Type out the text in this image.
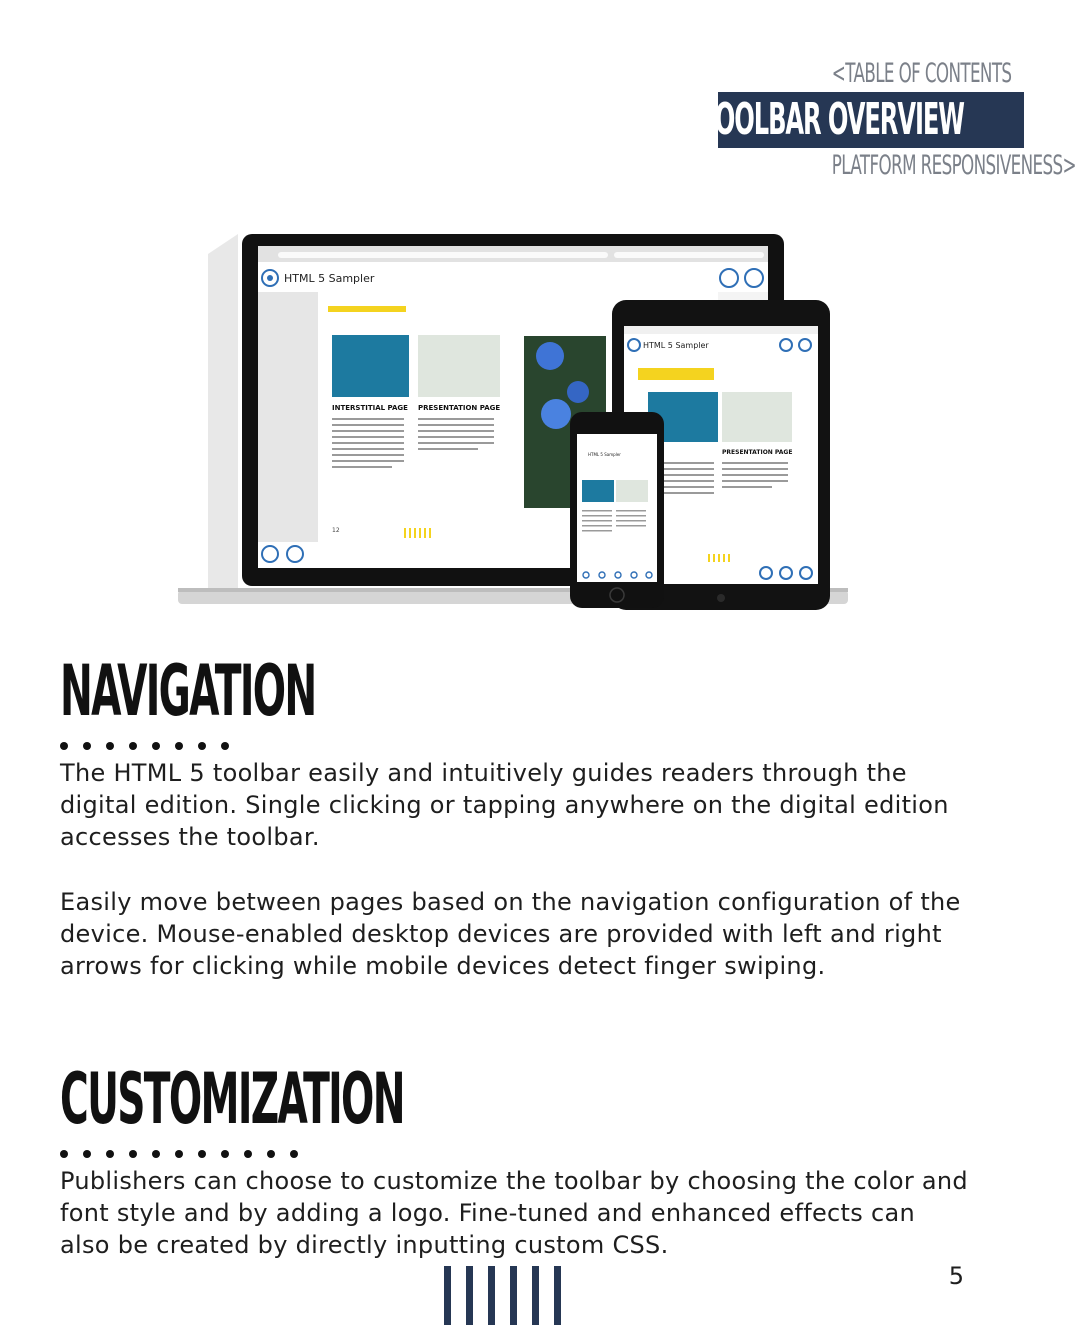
<TABLE OF CONTENTS
TOOLBAR OVERVIEW
PLATFORM RESPONSIVENESS>
HTML 5 Sampler
INTERSTITIAL PAGE PRESENTATION PAGE
12
HTML 5 Sampler
PRESENTATION PAGE
HTML 5 Sampler
NAVIGATION

The HTML 5 toolbar easily and intuitively guides readers through the digital edition. Single clicking or tapping anywhere on the digital edition accesses the toolbar.

Easily move between pages based on the navigation configuration of the device. Mouse-enabled desktop devices are provided with left and right arrows for clicking while mobile devices detect finger swiping.

CUSTOMIZATION

Publishers can choose to customize the toolbar by choosing the color and font style and by adding a logo. Fine-tuned and enhanced effects can also be created by directly inputting custom CSS.

5
